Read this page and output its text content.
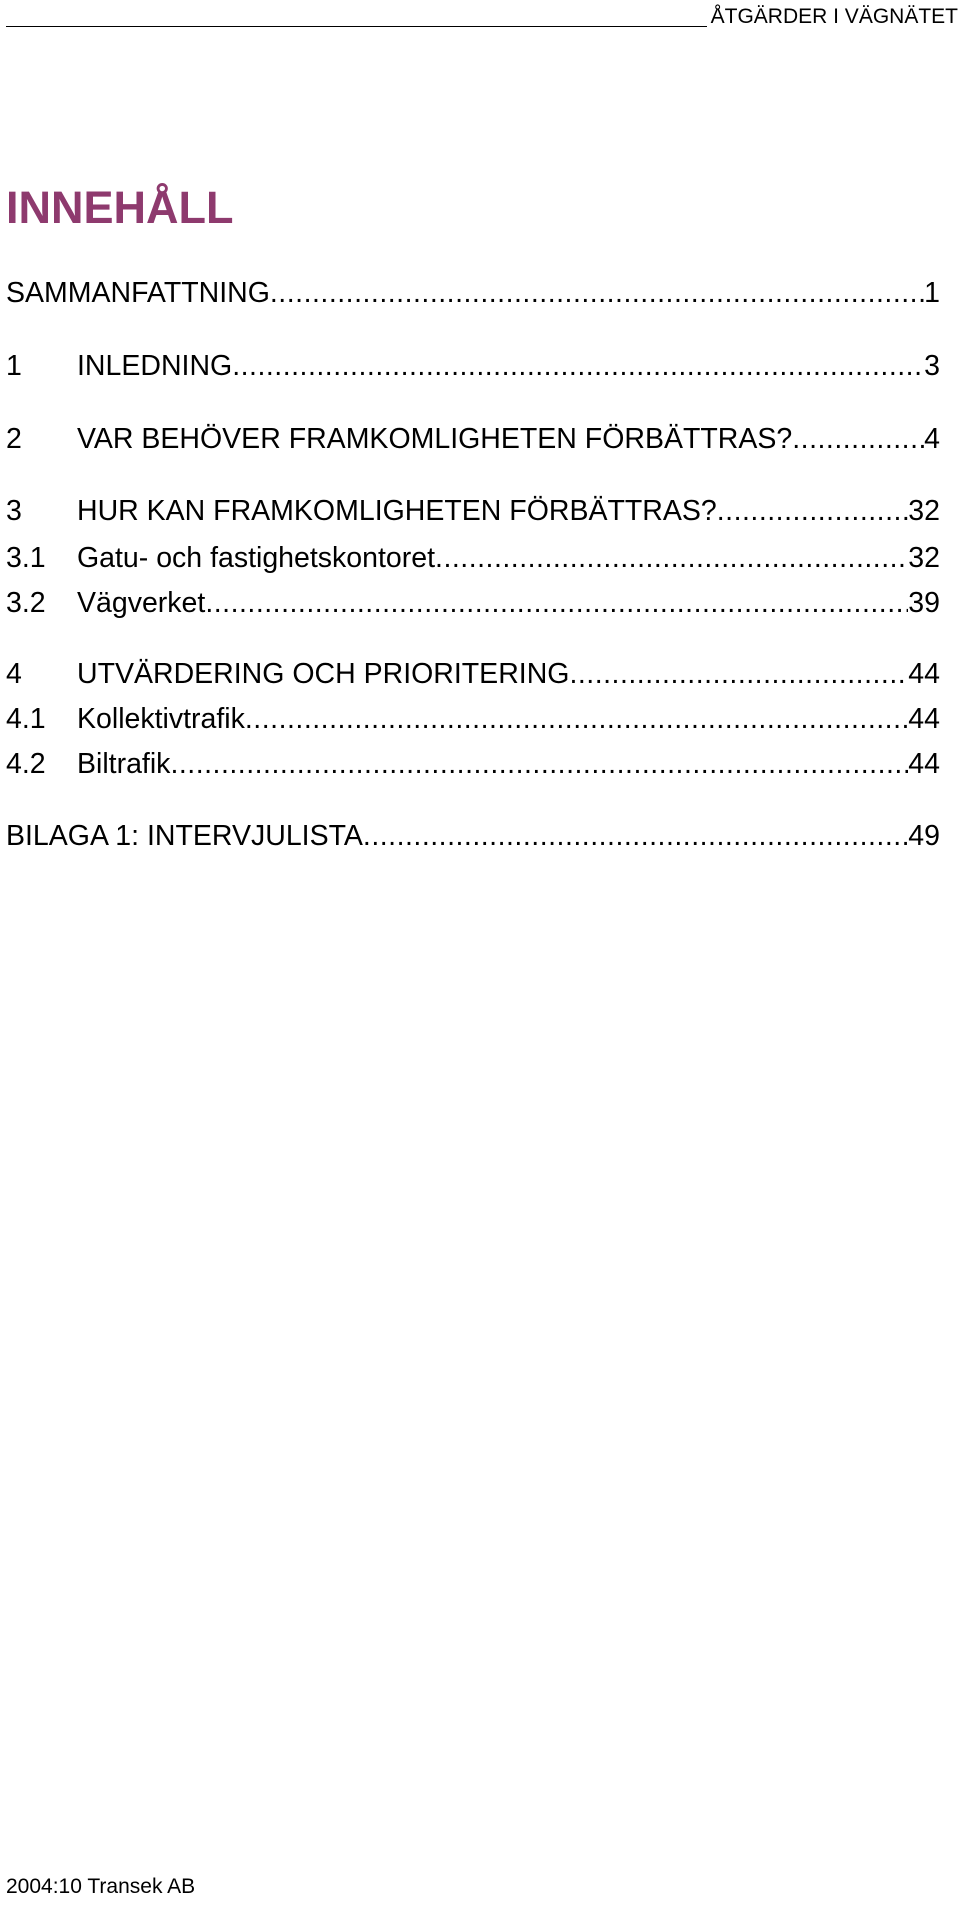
ÅTGÄRDER I VÄGNÄTET
INNEHÅLL
SAMMANFATTNING .....	1
1	INLEDNING .....	3
2	VAR BEHÖVER FRAMKOMLIGHETEN FÖRBÄTTRAS? .....	4
3	HUR KAN FRAMKOMLIGHETEN FÖRBÄTTRAS? .....	32
3.1	Gatu- och fastighetskontoret .....	32
3.2	Vägverket .....	39
4	UTVÄRDERING OCH PRIORITERING .....	44
4.1	Kollektivtrafik .....	44
4.2	Biltrafik .....	44
BILAGA 1: INTERVJULISTA .....	49
2004:10 Transek AB
